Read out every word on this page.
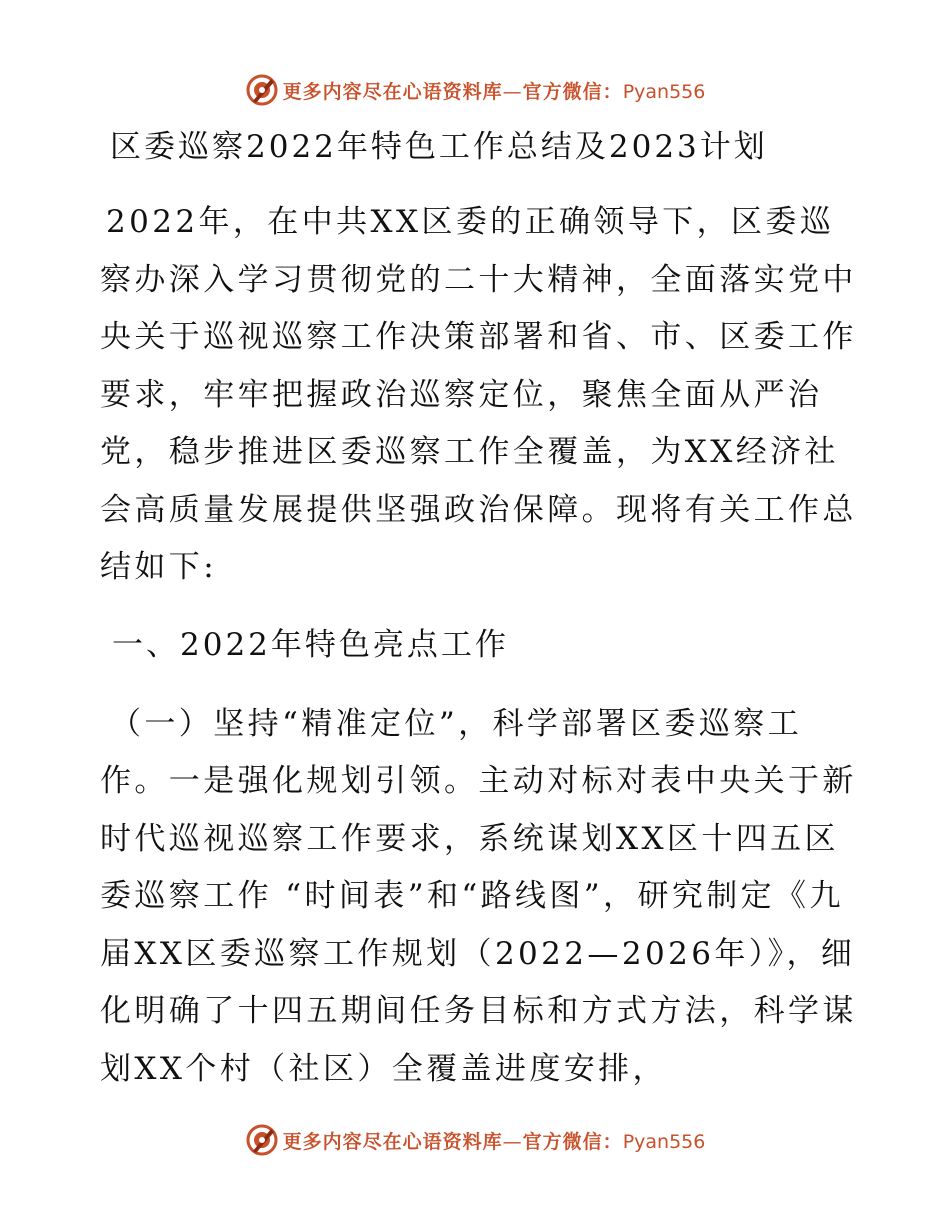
更多内容尽在心语资料库—官方微信：Pyan556
区委巡察2022年特色工作总结及2023计划

2022年，在中共XX区委的正确领导下，区委巡察办深入学习贯彻党的二十大精神，全面落实党中央关于巡视巡察工作决策部署和省、市、区委工作要求，牢牢把握政治巡察定位，聚焦全面从严治党，稳步推进区委巡察工作全覆盖，为XX经济社会高质量发展提供坚强政治保障。现将有关工作总结如下:

一、2022年特色亮点工作

（一）坚持“精准定位”，科学部署区委巡察工作。一是强化规划引领。主动对标对表中央关于新时代巡视巡察工作要求，系统谋划XX区十四五区委巡察工作 “时间表”和“路线图”，研究制定《九届XX区委巡察工作规划（2022—2026年）》，细化明确了十四五期间任务目标和方式方法，科学谋划XX个村（社区）全覆盖进度安排，

更多内容尽在心语资料库—官方微信：Pyan556
